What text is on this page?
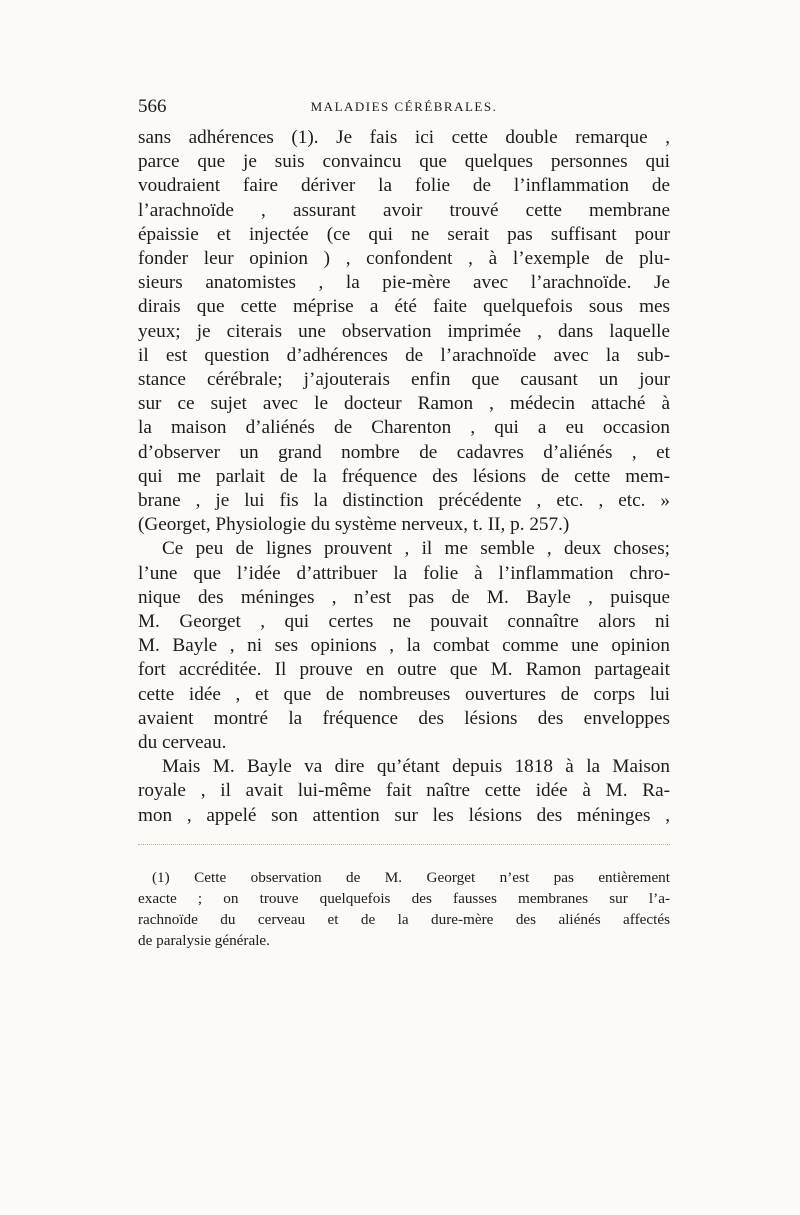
566	MALADIES CÉRÉBRALES.
sans adhérences (1). Je fais ici cette double remarque ,
parce que je suis convaincu que quelques personnes qui
voudraient faire dériver la folie de l’inflammation de
l’arachnoïde , assurant avoir trouvé cette membrane
épaissie et injectée (ce qui ne serait pas suffisant pour
fonder leur opinion ) , confondent , à l’exemple de plu-
sieurs anatomistes , la pie-mère avec l’arachnoïde. Je
dirais que cette méprise a été faite quelquefois sous mes
yeux; je citerais une observation imprimée , dans laquelle
il est question d’adhérences de l’arachnoïde avec la sub-
stance cérébrale; j’ajouterais enfin que causant un jour
sur ce sujet avec le docteur Ramon , médecin attaché à
la maison d’aliénés de Charenton , qui a eu occasion
d’observer un grand nombre de cadavres d’aliénés , et
qui me parlait de la fréquence des lésions de cette mem-
brane , je lui fis la distinction précédente , etc. , etc. »
(Georget, Physiologie du système nerveux, t. II, p. 257.)
Ce peu de lignes prouvent , il me semble , deux choses;
l’une que l’idée d’attribuer la folie à l’inflammation chro-
nique des méninges , n’est pas de M. Bayle , puisque
M. Georget , qui certes ne pouvait connaître alors ni
M. Bayle , ni ses opinions , la combat comme une opinion
fort accréditée. Il prouve en outre que M. Ramon partageait
cette idée , et que de nombreuses ouvertures de corps lui
avaient montré la fréquence des lésions des enveloppes
du cerveau.
Mais M. Bayle va dire qu’étant depuis 1818 à la Maison
royale , il avait lui-même fait naître cette idée à M. Ra-
mon , appelé son attention sur les lésions des méninges ,
(1) Cette observation de M. Georget n’est pas entièrement
exacte ; on trouve quelquefois des fausses membranes sur l’a-
rachnoïde du cerveau et de la dure-mère des aliénés affectés
de paralysie générale.
